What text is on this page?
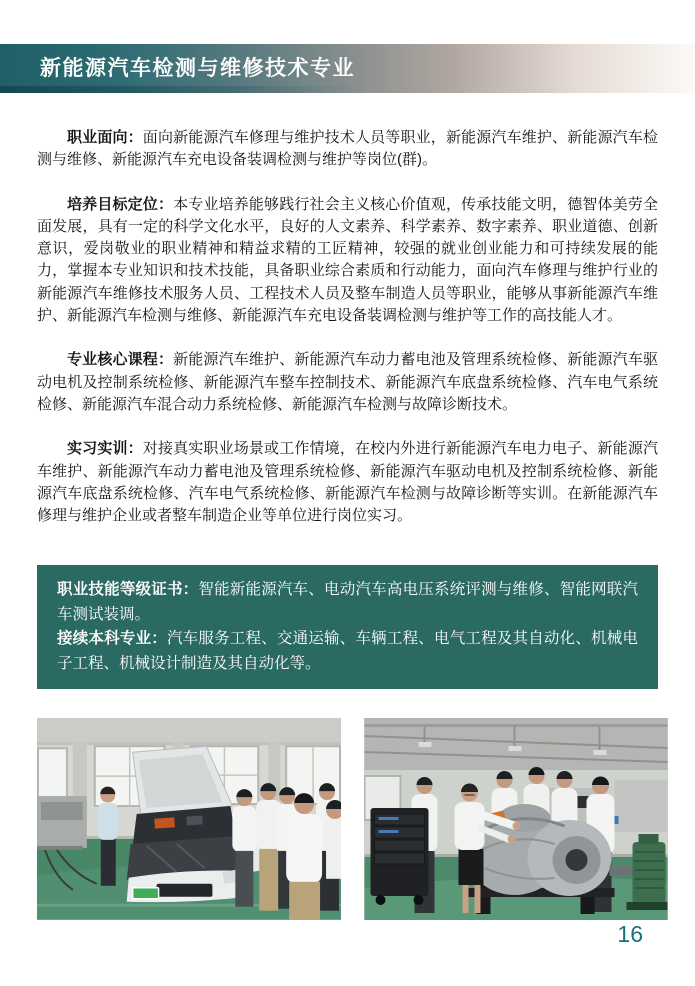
新能源汽车检测与维修技术专业

职业面向：面向新能源汽车修理与维护技术人员等职业，新能源汽车维护、新能源汽车检测与维修、新能源汽车充电设备装调检测与维护等岗位(群)。

培养目标定位：本专业培养能够践行社会主义核心价值观，传承技能文明，德智体美劳全面发展，具有一定的科学文化水平，良好的人文素养、科学素养、数字素养、职业道德、创新意识，爱岗敬业的职业精神和精益求精的工匠精神，较强的就业创业能力和可持续发展的能力，掌握本专业知识和技术技能，具备职业综合素质和行动能力，面向汽车修理与维护行业的新能源汽车维修技术服务人员、工程技术人员及整车制造人员等职业，能够从事新能源汽车维护、新能源汽车检测与维修、新能源汽车充电设备装调检测与维护等工作的高技能人才。

专业核心课程：新能源汽车维护、新能源汽车动力蓄电池及管理系统检修、新能源汽车驱动电机及控制系统检修、新能源汽车整车控制技术、新能源汽车底盘系统检修、汽车电气系统检修、新能源汽车混合动力系统检修、新能源汽车检测与故障诊断技术。

实习实训：对接真实职业场景或工作情境，在校内外进行新能源汽车电力电子、新能源汽车维护、新能源汽车动力蓄电池及管理系统检修、新能源汽车驱动电机及控制系统检修、新能源汽车底盘系统检修、汽车电气系统检修、新能源汽车检测与故障诊断等实训。在新能源汽车修理与维护企业或者整车制造企业等单位进行岗位实习。

职业技能等级证书：智能新能源汽车、电动汽车高电压系统评测与维修、智能网联汽车测试装调。

接续本科专业：汽车服务工程、交通运输、车辆工程、电气工程及其自动化、机械电子工程、机械设计制造及其自动化等。

16
